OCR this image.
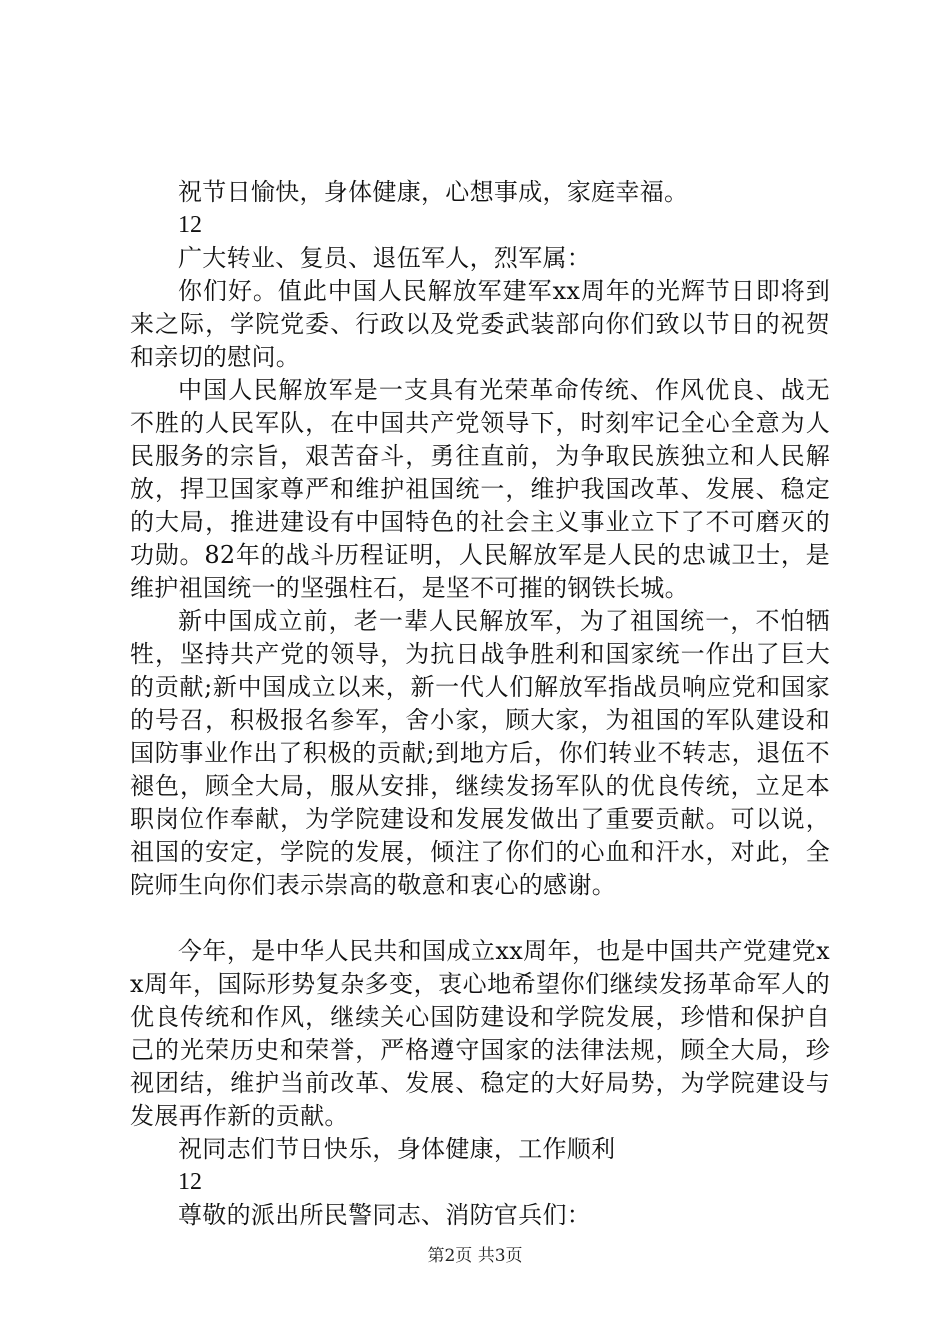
祝节日愉快，身体健康，心想事成，家庭幸福。

12

广大转业、复员、退伍军人，烈军属：

你们好。值此中国人民解放军建军xx周年的光辉节日即将到来之际，学院党委、行政以及党委武装部向你们致以节日的祝贺和亲切的慰问。

中国人民解放军是一支具有光荣革命传统、作风优良、战无不胜的人民军队，在中国共产党领导下，时刻牢记全心全意为人民服务的宗旨，艰苦奋斗，勇往直前，为争取民族独立和人民解放，捍卫国家尊严和维护祖国统一，维护我国改革、发展、稳定的大局，推进建设有中国特色的社会主义事业立下了不可磨灭的功勋。82年的战斗历程证明，人民解放军是人民的忠诚卫士，是维护祖国统一的坚强柱石，是坚不可摧的钢铁长城。

新中国成立前，老一辈人民解放军，为了祖国统一，不怕牺牲，坚持共产党的领导，为抗日战争胜利和国家统一作出了巨大的贡献;新中国成立以来，新一代人们解放军指战员响应党和国家的号召，积极报名参军，舍小家，顾大家，为祖国的军队建设和国防事业作出了积极的贡献;到地方后，你们转业不转志，退伍不褪色，顾全大局，服从安排，继续发扬军队的优良传统，立足本职岗位作奉献，为学院建设和发展发做出了重要贡献。可以说，祖国的安定，学院的发展，倾注了你们的心血和汗水，对此，全院师生向你们表示崇高的敬意和衷心的感谢。

今年，是中华人民共和国成立xx周年，也是中国共产党建党xx周年，国际形势复杂多变，衷心地希望你们继续发扬革命军人的优良传统和作风，继续关心国防建设和学院发展，珍惜和保护自己的光荣历史和荣誉，严格遵守国家的法律法规，顾全大局，珍视团结，维护当前改革、发展、稳定的大好局势，为学院建设与发展再作新的贡献。

祝同志们节日快乐，身体健康，工作顺利

12

尊敬的派出所民警同志、消防官兵们：

第2页 共3页
